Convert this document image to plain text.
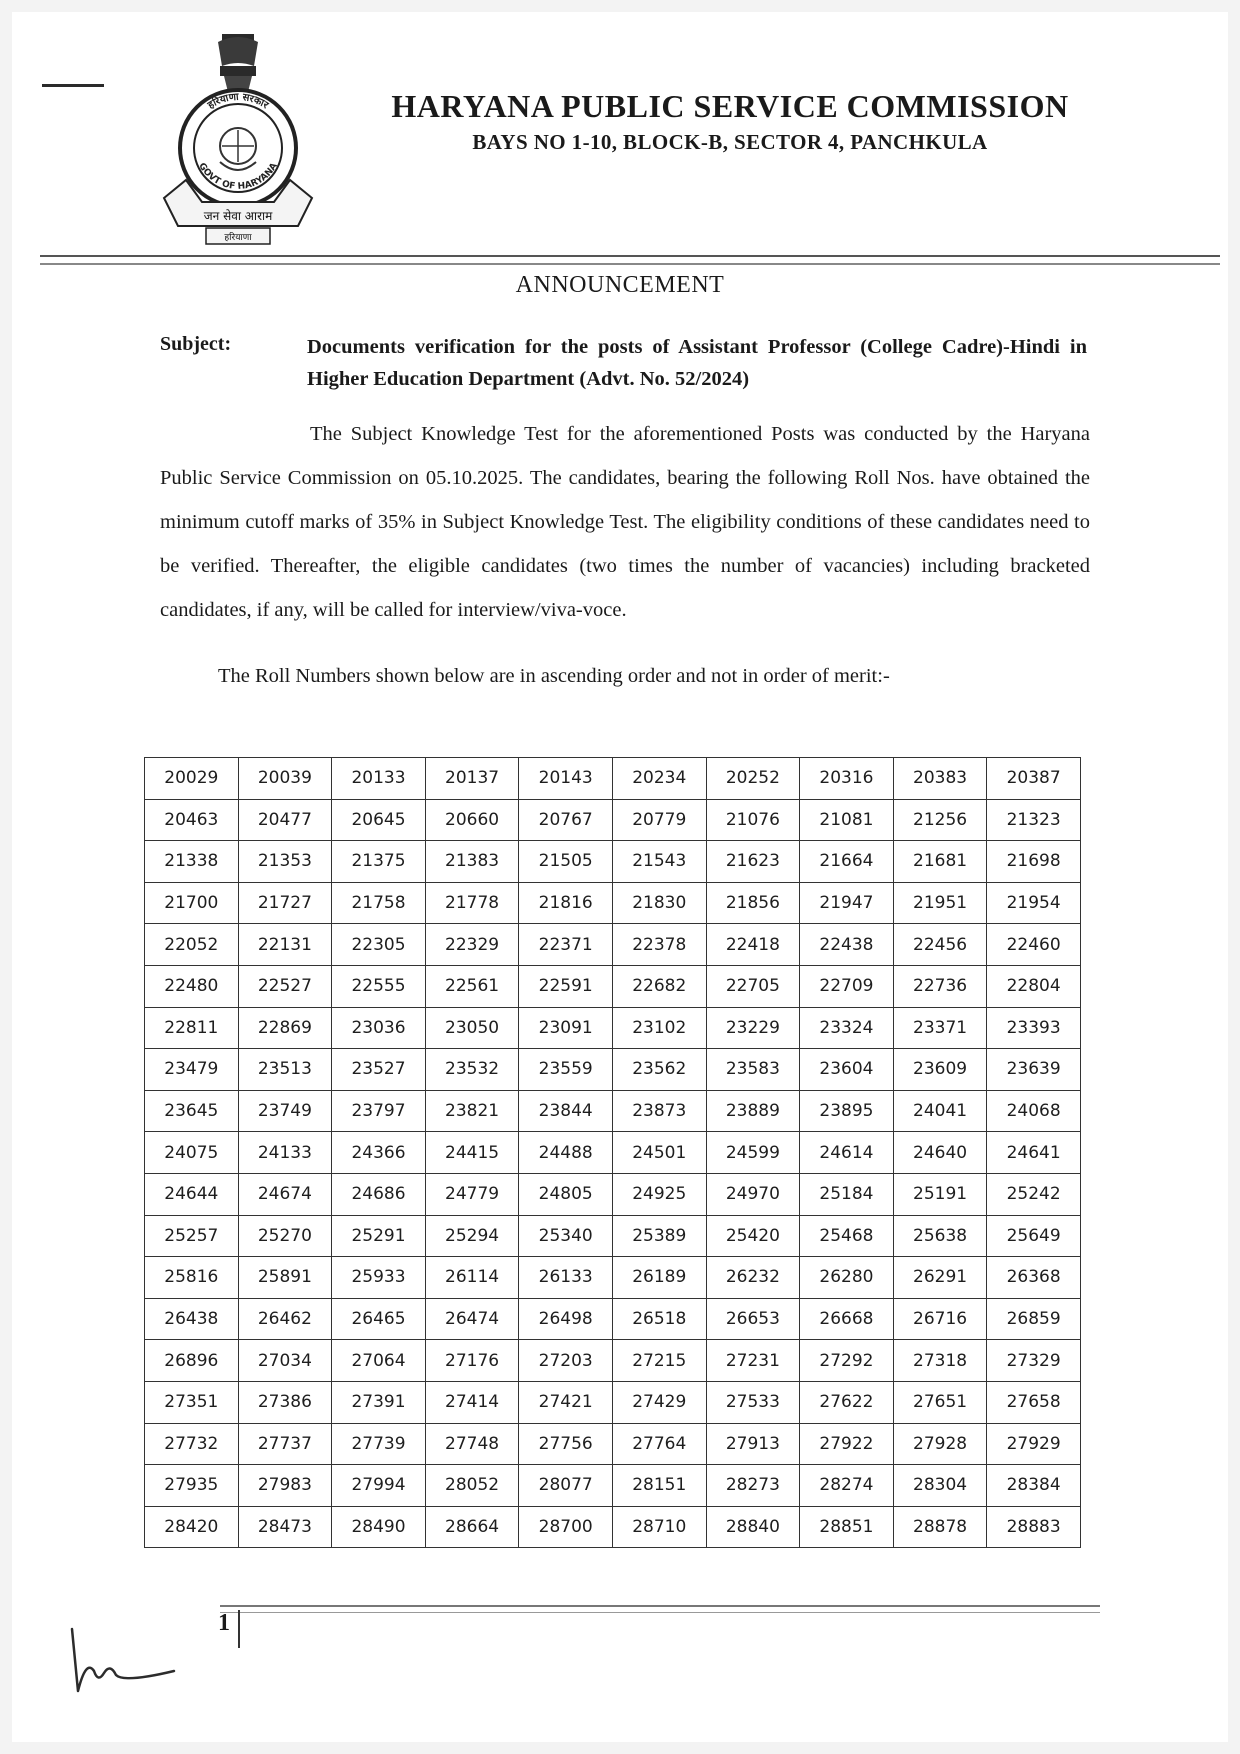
हरियाणा सरकार
GOVT OF HARYANA
जन सेवा आराम
हरियाणा
HARYANA PUBLIC SERVICE COMMISSION
BAYS NO 1-10, BLOCK-B, SECTOR 4, PANCHKULA
ANNOUNCEMENT
Subject:	Documents verification for the posts of Assistant Professor (College Cadre)-Hindi in Higher Education Department (Advt. No. 52/2024)
The Subject Knowledge Test for the aforementioned Posts was conducted by the Haryana Public Service Commission on 05.10.2025. The candidates, bearing the following Roll Nos. have obtained the minimum cutoff marks of 35% in Subject Knowledge Test. The eligibility conditions of these candidates need to be verified. Thereafter, the eligible candidates (two times the number of vacancies) including bracketed candidates, if any, will be called for interview/viva-voce.
The Roll Numbers shown below are in ascending order and not in order of merit:-
20029	20039	20133	20137	20143	20234	20252	20316	20383	20387
20463	20477	20645	20660	20767	20779	21076	21081	21256	21323
21338	21353	21375	21383	21505	21543	21623	21664	21681	21698
21700	21727	21758	21778	21816	21830	21856	21947	21951	21954
22052	22131	22305	22329	22371	22378	22418	22438	22456	22460
22480	22527	22555	22561	22591	22682	22705	22709	22736	22804
22811	22869	23036	23050	23091	23102	23229	23324	23371	23393
23479	23513	23527	23532	23559	23562	23583	23604	23609	23639
23645	23749	23797	23821	23844	23873	23889	23895	24041	24068
24075	24133	24366	24415	24488	24501	24599	24614	24640	24641
24644	24674	24686	24779	24805	24925	24970	25184	25191	25242
25257	25270	25291	25294	25340	25389	25420	25468	25638	25649
25816	25891	25933	26114	26133	26189	26232	26280	26291	26368
26438	26462	26465	26474	26498	26518	26653	26668	26716	26859
26896	27034	27064	27176	27203	27215	27231	27292	27318	27329
27351	27386	27391	27414	27421	27429	27533	27622	27651	27658
27732	27737	27739	27748	27756	27764	27913	27922	27928	27929
27935	27983	27994	28052	28077	28151	28273	28274	28304	28384
28420	28473	28490	28664	28700	28710	28840	28851	28878	28883
1
